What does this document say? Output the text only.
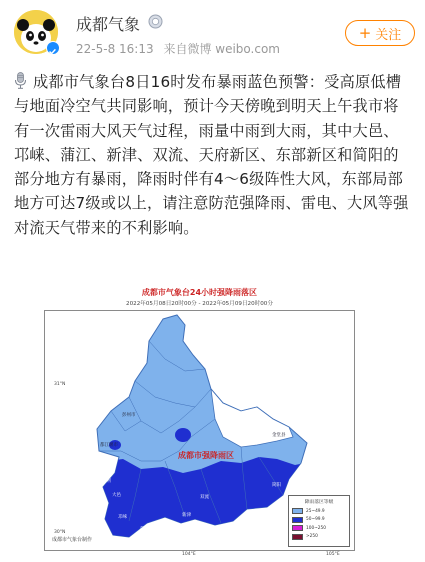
成都气象
22-5-8 16:13 来自微博 weibo.com
+ 关注
成都市气象台8日16时发布暴雨蓝色预警：受高原低槽与地面冷空气共同影响，预计今天傍晚到明天上午我市将有一次雷雨大风天气过程，雨量中雨到大雨，其中大邑、邛崃、蒲江、新津、双流、天府新区、东部新区和简阳的部分地方有暴雨，降雨时伴有4～6级阵性大风，东部局部地方可达7级或以上，请注意防范强降雨、雷电、大风等强对流天气带来的不利影响。
成都市气象台24小时强降雨落区
2022年05月08日20时00分 - 2022年05月09日20时00分
31°N
30°N
104°E	105°E
彭州市
都江堰市
崇州
大邑
邛崃
蒲江
新津
双流
金堂县
简阳
成都市强降雨区
降雨落区等级
25~49.9
50~99.9
100~250
>250
成都市气象台制作
